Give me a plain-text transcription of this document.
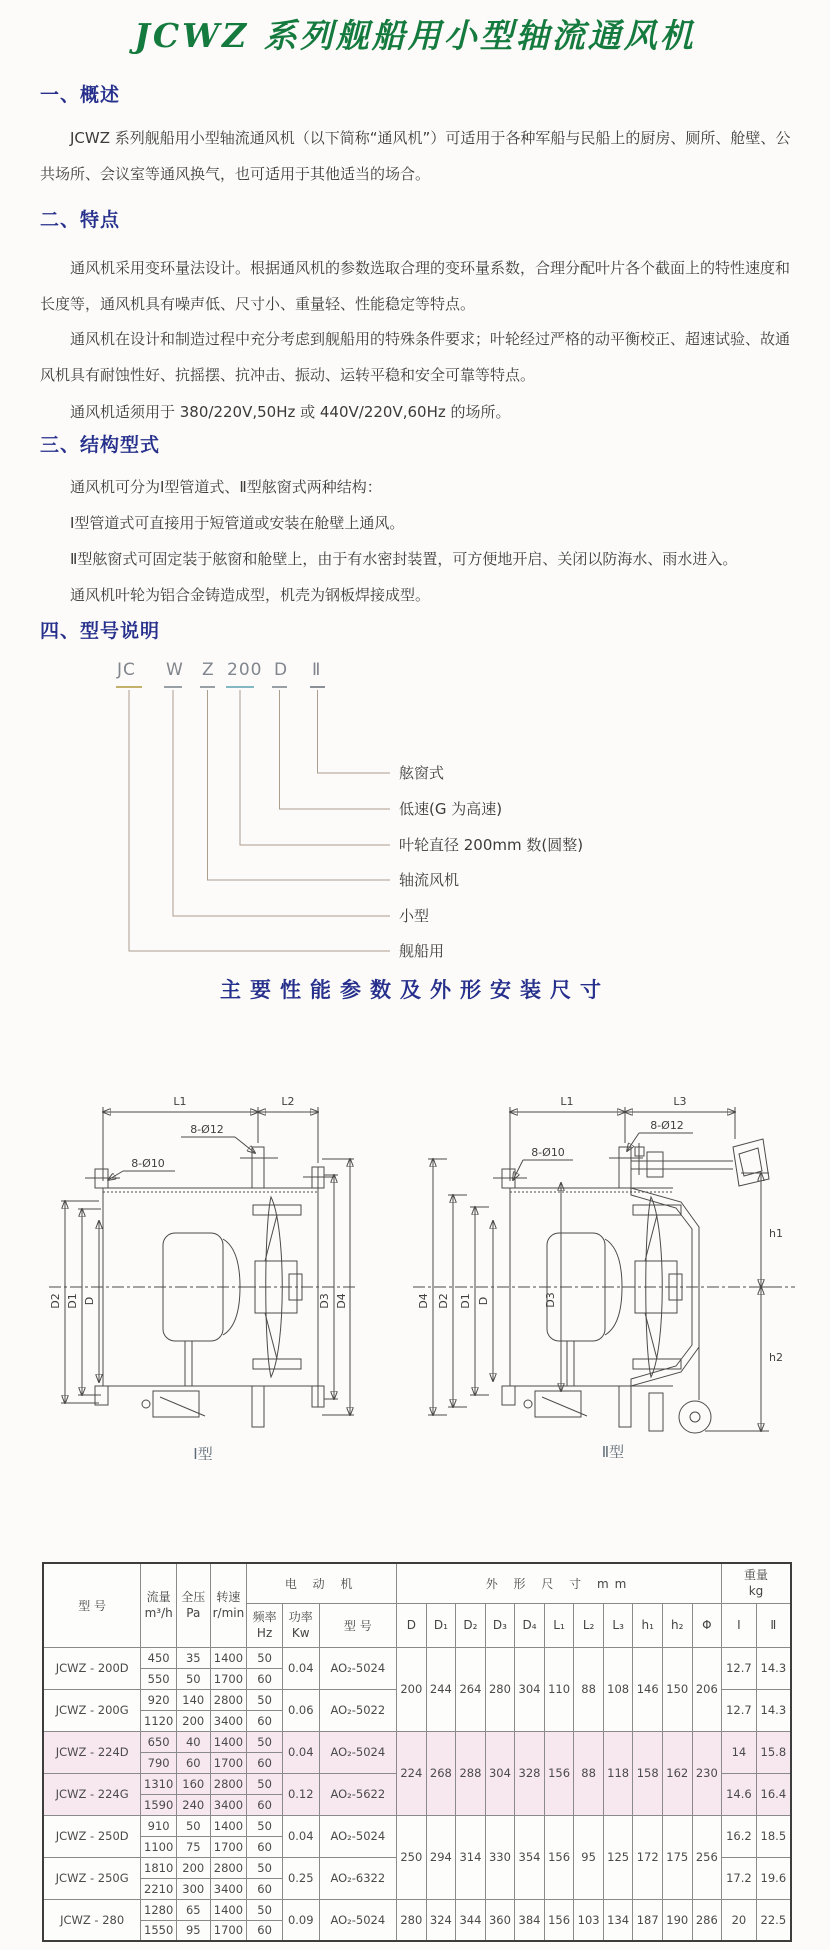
JCWZ 系列舰船用小型轴流通风机
一、概述

JCWZ 系列舰船用小型轴流通风机（以下简称“通风机”）可适用于各种军船与民船上的厨房、厕所、舱壁、公共场所、会议室等通风换气，也可适用于其他适当的场合。

二、特点

通风机采用变环量法设计。根据通风机的参数选取合理的变环量系数，合理分配叶片各个截面上的特性速度和长度等，通风机具有噪声低、尺寸小、重量轻、性能稳定等特点。

通风机在设计和制造过程中充分考虑到舰船用的特殊条件要求；叶轮经过严格的动平衡校正、超速试验、故通风机具有耐蚀性好、抗摇摆、抗冲击、振动、运转平稳和安全可靠等特点。

通风机适须用于 380/220V,50Hz 或 440V/220V,60Hz 的场所。

三、结构型式

通风机可分为Ⅰ型管道式、Ⅱ型舷窗式两种结构：

Ⅰ型管道式可直接用于短管道或安装在舱壁上通风。

Ⅱ型舷窗式可固定装于舷窗和舱壁上，由于有水密封装置，可方便地开启、关闭以防海水、雨水进入。

通风机叶轮为铝合金铸造成型，机壳为钢板焊接成型。

四、型号说明
JC W Z 200 D Ⅱ
舷窗式
低速(G 为高速)
叶轮直径 200mm 数(圆整)
轴流风机
小型
舰船用
主要性能参数及外形安装尺寸
L1	L2
8-Ø12
8-Ø10
D2 D1 D	D3 D4
L1	L3
8-Ø12
8-Ø10
D4 D2 D1 D	D3
h1
h2
Ⅰ型	Ⅱ型
型 号	流量
m³/h	全压
Pa	转速
r/min	电 动 机			外 形 尺 寸 mm											重量
kg	

				频率
Hz	功率
Kw	型 号	D	D₁	D₂	D₃	D₄	L₁	L₂	L₃	h₁	h₂	Φ	Ⅰ	Ⅱ
JCWZ - 200D	450	35	1400	50	0.04	AO₂-5024	200	244	264	280	304	110	88	108	146	150	206	12.7	14.3
	550	50	1700	60															
JCWZ - 200G	920	140	2800	50	0.06	AO₂-5022												12.7	14.3
	1120	200	3400	60															
JCWZ - 224D	650	40	1400	50	0.04	AO₂-5024	224	268	288	304	328	156	88	118	158	162	230	14	15.8
	790	60	1700	60															
JCWZ - 224G	1310	160	2800	50	0.12	AO₂-5622												14.6	16.4
	1590	240	3400	60															
JCWZ - 250D	910	50	1400	50	0.04	AO₂-5024	250	294	314	330	354	156	95	125	172	175	256	16.2	18.5
	1100	75	1700	60															
JCWZ - 250G	1810	200	2800	50	0.25	AO₂-6322												17.2	19.6
	2210	300	3400	60															
JCWZ - 280	1280	65	1400	50	0.09	AO₂-5024	280	324	344	360	384	156	103	134	187	190	286	20	22.5
	1550	95	1700	60															
